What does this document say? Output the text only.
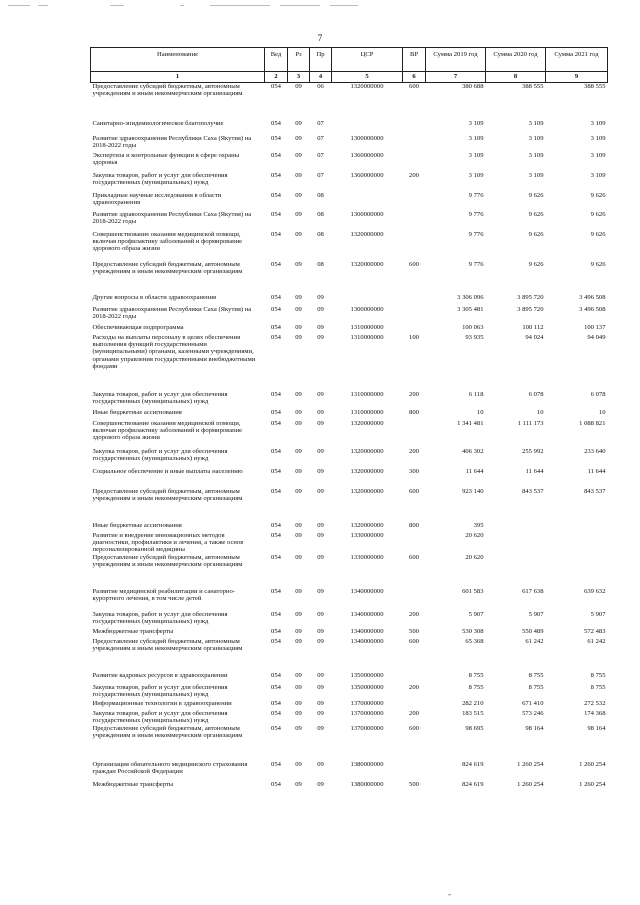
7
Наименование	Вед	Рз	Пр	ЦСР	ВР	Сумма 2019 год	Сумма 2020 год	Сумма 2021 год
1	2	3	4	5	6	7	8	9
Предоставление субсидий бюджетным, автономным учреждениям и иным некоммерческим организациям	054	09	06	1320000000	600	380 688	388 555	388 555
Санитарно-эпидемиологическое благополучие	054	09	07			3 109	3 109	3 109
Развитие здравоохранения Республики Саха (Якутия) на 2018-2022 годы	054	09	07	1300000000		3 109	3 109	3 109
Экспертиза и контрольные функции в сфере охраны здоровья	054	09	07	1360000000		3 109	3 109	3 109
Закупка товаров, работ и услуг для обеспечения государственных (муниципальных) нужд	054	09	07	1360000000	200	3 109	3 109	3 109
Прикладные научные исследования в области здравоохранения	054	09	08			9 776	9 626	9 626
Развитие здравоохранения Республики Саха (Якутия) на 2018-2022 годы	054	09	08	1300000000		9 776	9 626	9 626
Совершенствование оказания медицинской помощи, включая профилактику заболеваний и формирование здорового образа жизни	054	09	08	1320000000		9 776	9 626	9 626
Предоставление субсидий бюджетным, автономным учреждениям и иным некоммерческим организациям	054	09	08	1320000000	600	9 776	9 626	9 626
Другие вопросы в области здравоохранения	054	09	09			3 306 096	3 895 720	3 496 508
Развитие здравоохранения Республики Саха (Якутия) на 2018-2022 годы	054	09	09	1300000000		3 305 481	3 895 720	3 496 508
Обеспечивающая подпрограмма	054	09	09	1310000000		100 063	100 112	100 137
Расходы на выплаты персоналу в целях обеспечения выполнения функций государственными (муниципальными) органами, казенными учреждениями, органами управления государственными внебюджетными фондами	054	09	09	1310000000	100	93 935	94 024	94 049
Закупка товаров, работ и услуг для обеспечения государственных (муниципальных) нужд	054	09	09	1310000000	200	6 118	6 078	6 078
Иные бюджетные ассигнования	054	09	09	1310000000	800	10	10	10
Совершенствование оказания медицинской помощи, включая профилактику заболеваний и формирование здорового образа жизни	054	09	09	1320000000		1 341 481	1 111 173	1 088 821
Закупка товаров, работ и услуг для обеспечения государственных (муниципальных) нужд	054	09	09	1320000000	200	406 302	255 992	233 640
Социальное обеспечение и иные выплаты населению	054	09	09	1320000000	300	11 644	11 644	11 644
Предоставление субсидий бюджетным, автономным учреждениям и иным некоммерческим организациям	054	09	09	1320000000	600	923 140	843 537	843 537
Иные бюджетные ассигнования	054	09	09	1320000000	800	395		
Развитие и внедрение инновационных методов диагностики, профилактики и лечения, а также основ персонализированной медицины	054	09	09	1330000000		20 620		
Предоставление субсидий бюджетным, автономным учреждениям и иным некоммерческим организациям	054	09	09	1330000000	600	20 620		
Развитие медицинской реабилитации и санаторно-курортного лечения, в том числе детей	054	09	09	1340000000		601 583	617 638	639 632
Закупка товаров, работ и услуг для обеспечения государственных (муниципальных) нужд	054	09	09	1340000000	200	5 907	5 907	5 907
Межбюджетные трансферты	054	09	09	1340000000	500	530 308	550 489	572 483
Предоставление субсидий бюджетным, автономным учреждениям и иным некоммерческим организациям	054	09	09	1340000000	600	65 368	61 242	61 242
Развитие кадровых ресурсов в здравоохранении	054	09	09	1350000000		8 755	8 755	8 755
Закупка товаров, работ и услуг для обеспечения государственных (муниципальных) нужд	054	09	09	1350000000	200	8 755	8 755	8 755
Информационные технологии в здравоохранении	054	09	09	1370000000		282 210	671 410	272 532
Закупка товаров, работ и услуг для обеспечения государственных (муниципальных) нужд	054	09	09	1370000000	200	183 515	573 246	174 368
Предоставление субсидий бюджетным, автономным учреждениям и иным некоммерческим организациям	054	09	09	1370000000	600	98 695	98 164	98 164
Организация обязательного медицинского страхования граждан Российской Федерации	054	09	09	1380000000		824 619	1 260 254	1 260 254
Межбюджетные трансферты	054	09	09	1380000000	500	824 619	1 260 254	1 260 254
-
